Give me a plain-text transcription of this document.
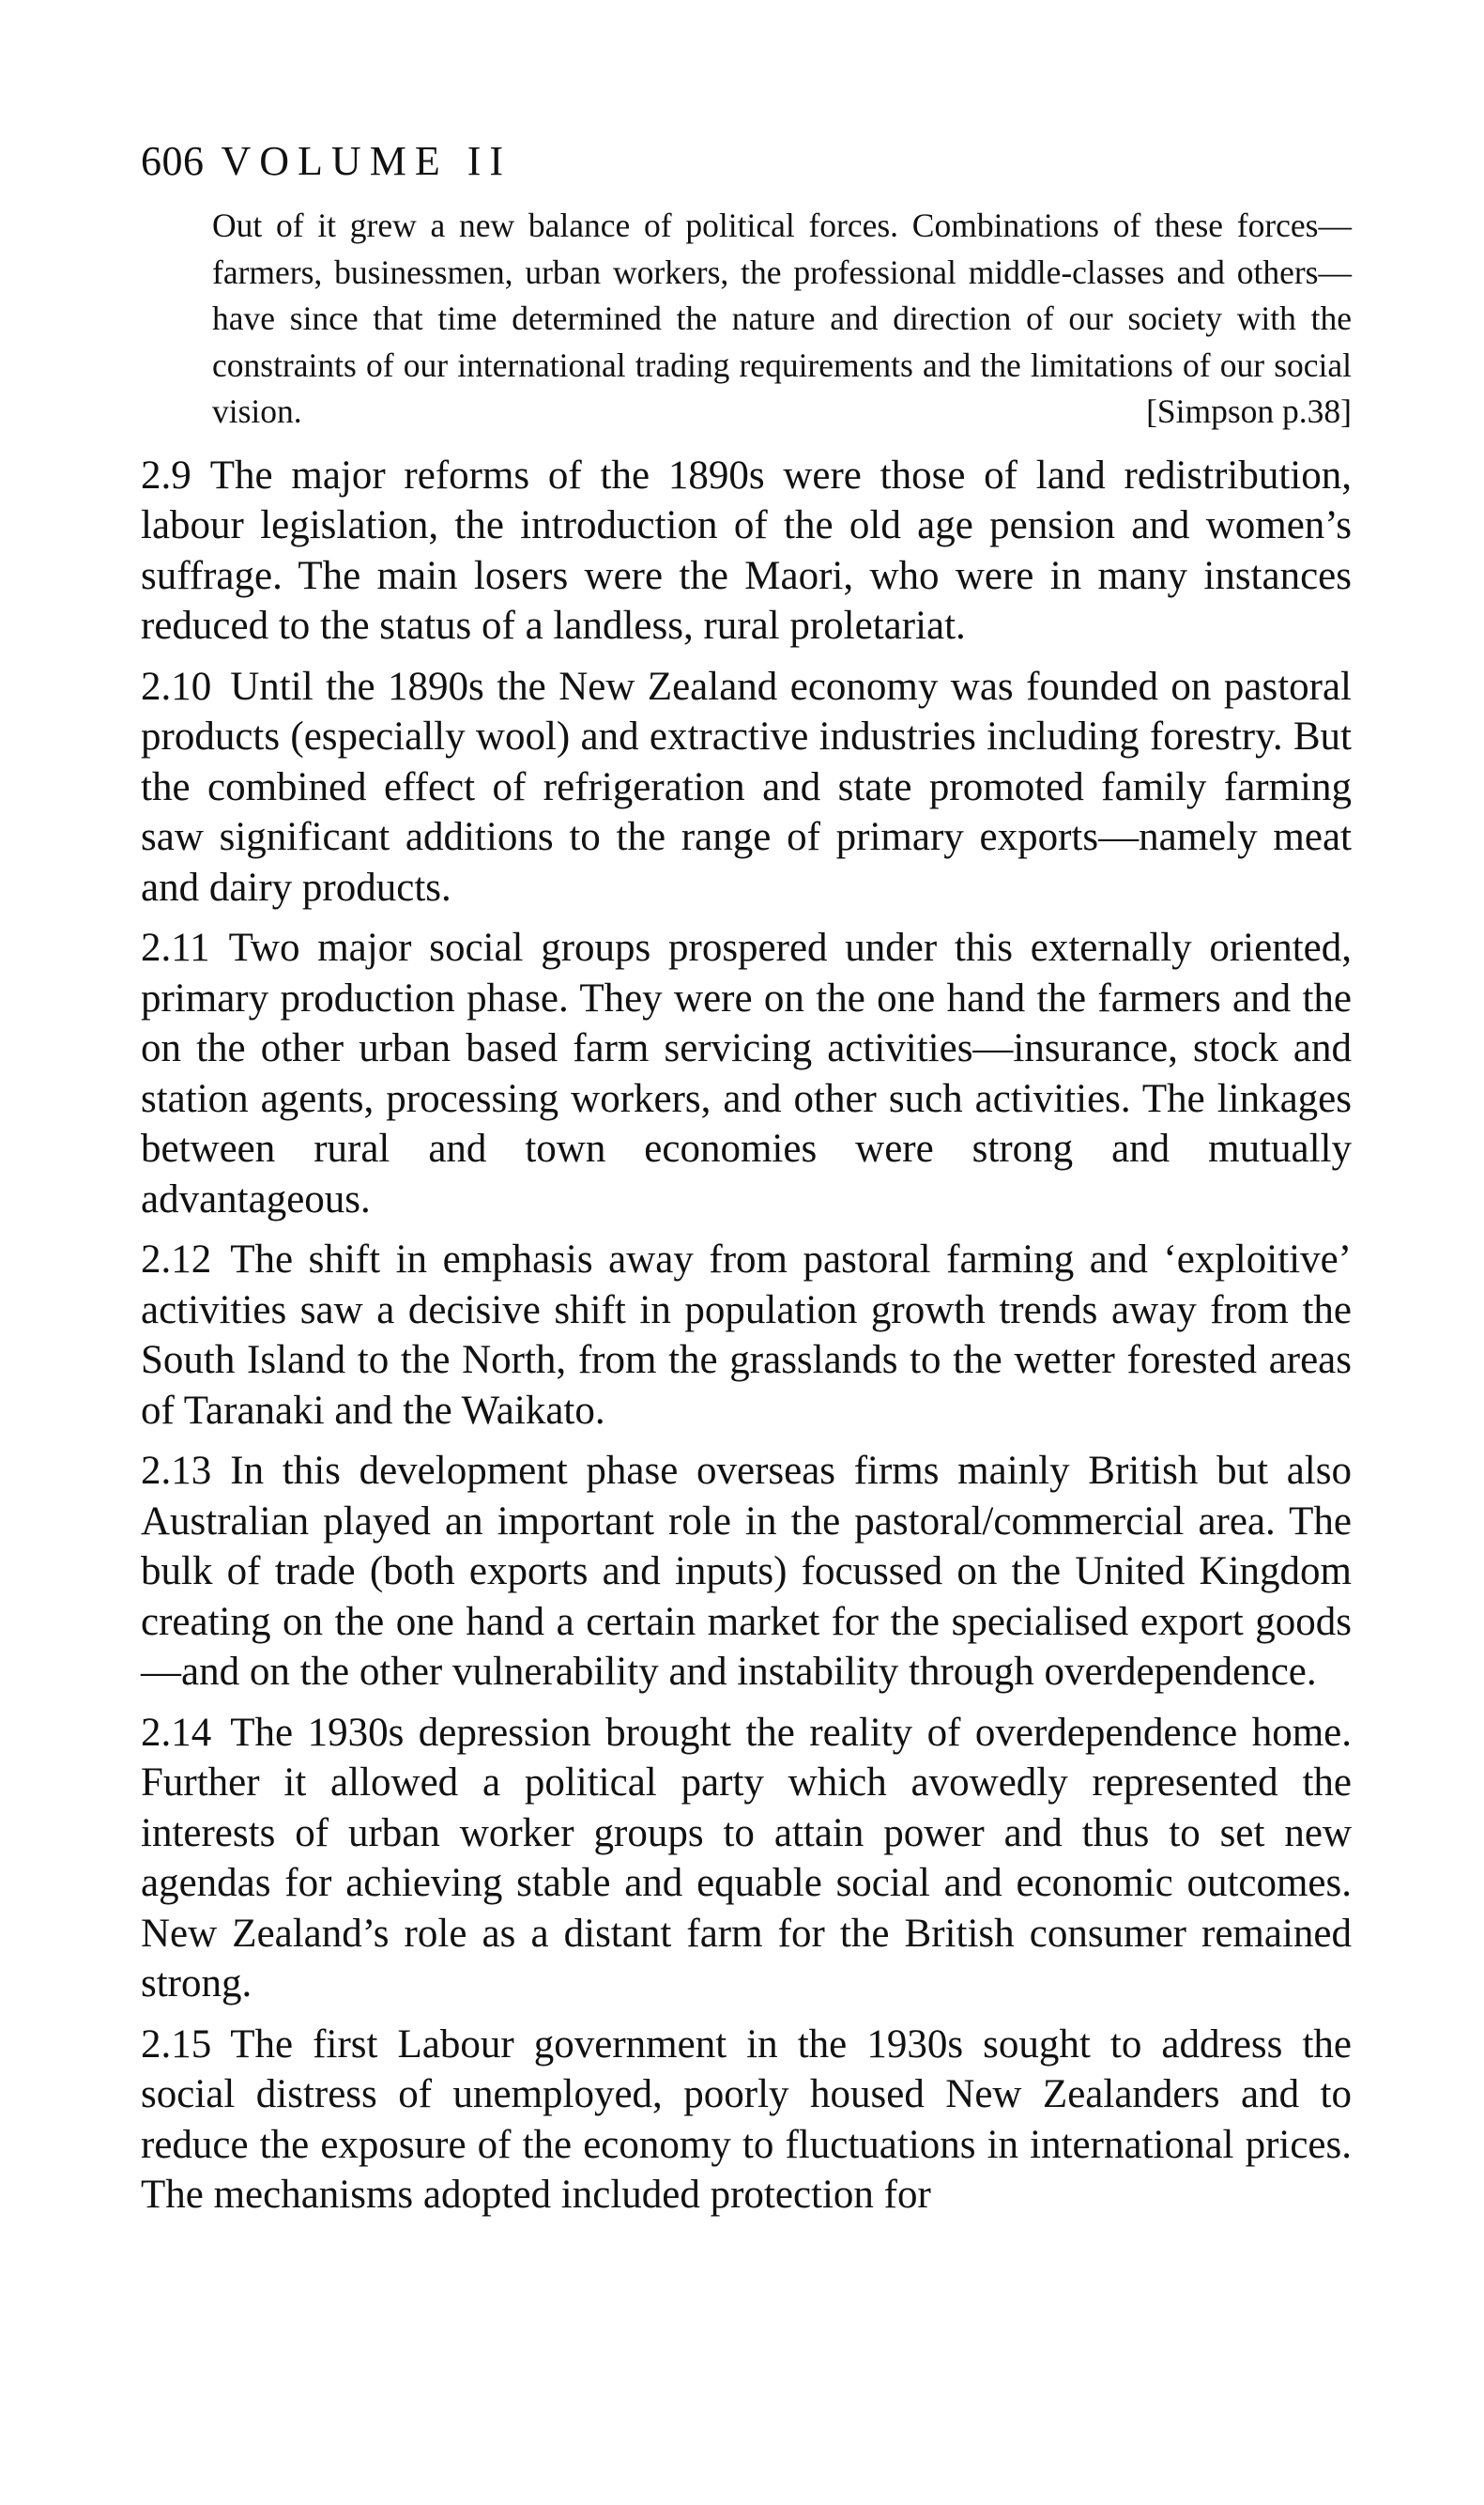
606 VOLUME II
Out of it grew a new balance of political forces. Combinations of these forces—farmers, businessmen, urban workers, the professional middle-classes and others—have since that time determined the nature and direction of our society with the constraints of our international trading requirements and the limitations of our social vision.	[Simpson p.38]

2.9 The major reforms of the 1890s were those of land redistribution, labour legislation, the introduction of the old age pension and women’s suffrage. The main losers were the Maori, who were in many instances reduced to the status of a landless, rural proletariat.

2.10 Until the 1890s the New Zealand economy was founded on pastoral products (especially wool) and extractive industries including forestry. But the combined effect of refrigeration and state promoted family farming saw significant additions to the range of primary exports—namely meat and dairy products.

2.11 Two major social groups prospered under this externally oriented, primary production phase. They were on the one hand the farmers and the on the other urban based farm servicing activities—insurance, stock and station agents, processing workers, and other such activities. The linkages between rural and town economies were strong and mutually advantageous.

2.12 The shift in emphasis away from pastoral farming and ‘exploitive’ activities saw a decisive shift in population growth trends away from the South Island to the North, from the grasslands to the wetter forested areas of Taranaki and the Waikato.

2.13 In this development phase overseas firms mainly British but also Australian played an important role in the pastoral/commercial area. The bulk of trade (both exports and inputs) focussed on the United Kingdom creating on the one hand a certain market for the specialised export goods—and on the other vulnerability and instability through overdependence.

2.14 The 1930s depression brought the reality of overdependence home. Further it allowed a political party which avowedly represented the interests of urban worker groups to attain power and thus to set new agendas for achieving stable and equable social and economic outcomes. New Zealand’s role as a distant farm for the British consumer remained strong.

2.15 The first Labour government in the 1930s sought to address the social distress of unemployed, poorly housed New Zealanders and to reduce the exposure of the economy to fluctuations in international prices. The mechanisms adopted included protection for
